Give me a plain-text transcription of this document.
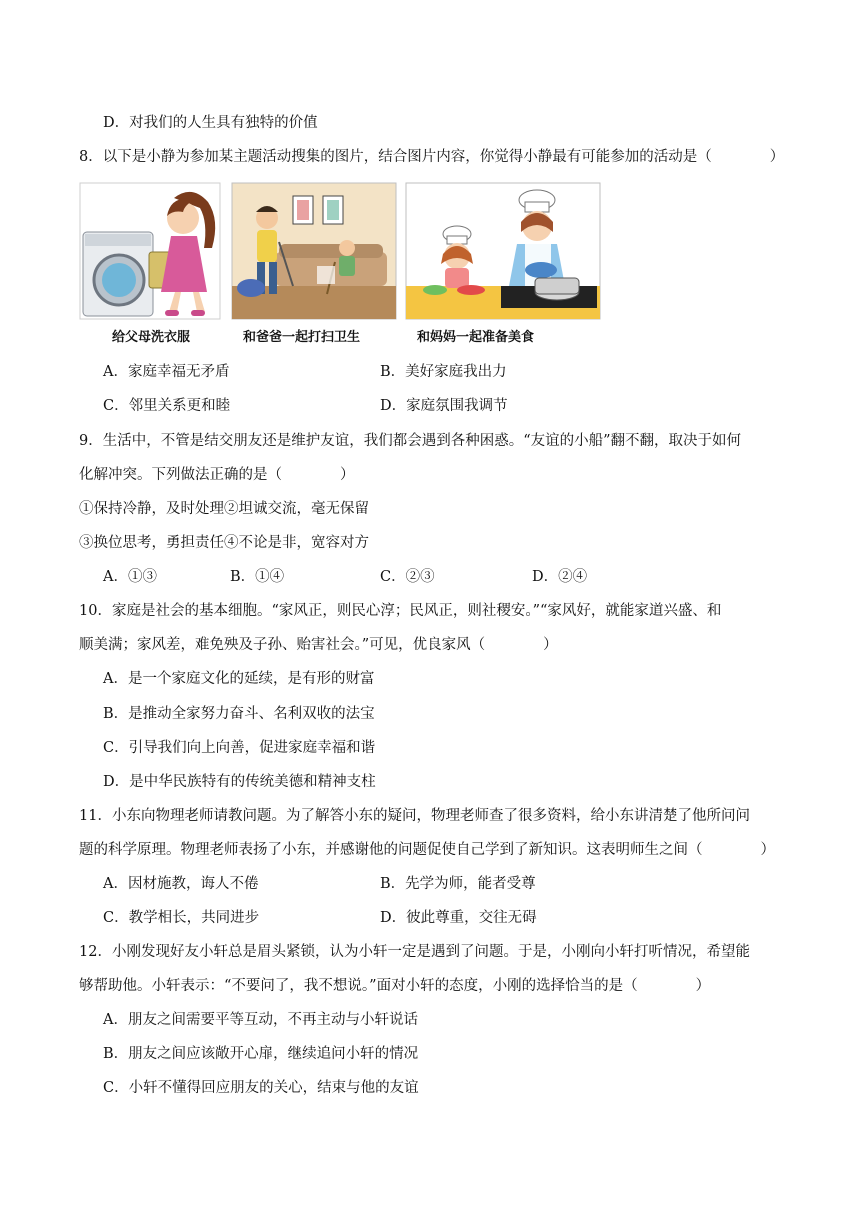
D．对我们的人生具有独特的价值
8．以下是小静为参加某主题活动搜集的图片，结合图片内容，你觉得小静最有可能参加的活动是（　　　　）
给父母洗衣服	和爸爸一起打扫卫生	和妈妈一起准备美食
A．家庭幸福无矛盾	B．美好家庭我出力
C．邻里关系更和睦	D．家庭氛围我调节
9．生活中，不管是结交朋友还是维护友谊，我们都会遇到各种困惑。“友谊的小船”翻不翻，取决于如何
化解冲突。下列做法正确的是（　　　　）
①保持冷静，及时处理②坦诚交流，毫无保留
③换位思考，勇担责任④不论是非，宽容对方
A．①③	B．①④	C．②③	D．②④
10．家庭是社会的基本细胞。“家风正，则民心淳；民风正，则社稷安。”“家风好，就能家道兴盛、和
顺美满；家风差，难免殃及子孙、贻害社会。”可见，优良家风（　　　　）
A．是一个家庭文化的延续，是有形的财富
B．是推动全家努力奋斗、名利双收的法宝
C．引导我们向上向善，促进家庭幸福和谐
D．是中华民族特有的传统美德和精神支柱
11．小东向物理老师请教问题。为了解答小东的疑问，物理老师查了很多资料，给小东讲清楚了他所问问
题的科学原理。物理老师表扬了小东，并感谢他的问题促使自己学到了新知识。这表明师生之间（　　　　）
A．因材施教，诲人不倦	B．先学为师，能者受尊
C．教学相长，共同进步	D．彼此尊重，交往无碍
12．小刚发现好友小轩总是眉头紧锁，认为小轩一定是遇到了问题。于是，小刚向小轩打听情况，希望能
够帮助他。小轩表示：“不要问了，我不想说。”面对小轩的态度，小刚的选择恰当的是（　　　　）
A．朋友之间需要平等互动，不再主动与小轩说话
B．朋友之间应该敞开心扉，继续追问小轩的情况
C．小轩不懂得回应朋友的关心，结束与他的友谊
